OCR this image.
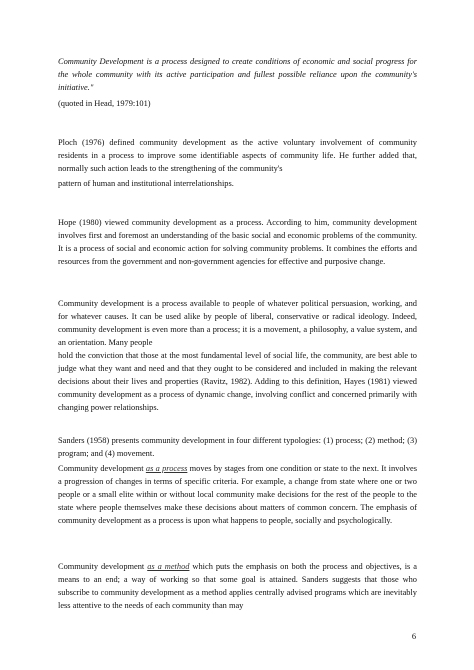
Community Development is a process designed to create conditions of economic and social progress for the whole community with its active participation and fullest possible reliance upon the community's initiative."

(quoted in Head, 1979:101)

Ploch (1976) defined community development as the active voluntary involvement of community residents in a process to improve some identifiable aspects of community life. He further added that, normally such action leads to the strengthening of the community's

pattern of human and institutional interrelationships.

Hope (1980) viewed community development as a process. According to him, community development involves first and foremost an understanding of the basic social and economic problems of the community. It is a process of social and economic action for solving community problems. It combines the efforts and resources from the government and non-government agencies for effective and purposive change.

Community development is a process available to people of whatever political persuasion, working, and for whatever causes. It can be used alike by people of liberal, conservative or radical ideology. Indeed, community development is even more than a process; it is a movement, a philosophy, a value system, and an orientation. Many people

hold the conviction that those at the most fundamental level of social life, the community, are best able to judge what they want and need and that they ought to be considered and included in making the relevant decisions about their lives and properties (Ravitz, 1982). Adding to this definition, Hayes (1981) viewed community development as a process of dynamic change, involving conflict and concerned primarily with changing power relationships.

Sanders (1958) presents community development in four different typologies: (1) process; (2) method; (3) program; and (4) movement.

Community development as a process moves by stages from one condition or state to the next. It involves a progression of changes in terms of specific criteria. For example, a change from state where one or two people or a small elite within or without local community make decisions for the rest of the people to the state where people themselves make these decisions about matters of common concern. The emphasis of community development as a process is upon what happens to people, socially and psychologically.

Community development as a method which puts the emphasis on both the process and objectives, is a means to an end; a way of working so that some goal is attained. Sanders suggests that those who subscribe to community development as a method applies centrally advised programs which are inevitably less attentive to the needs of each community than may

6
